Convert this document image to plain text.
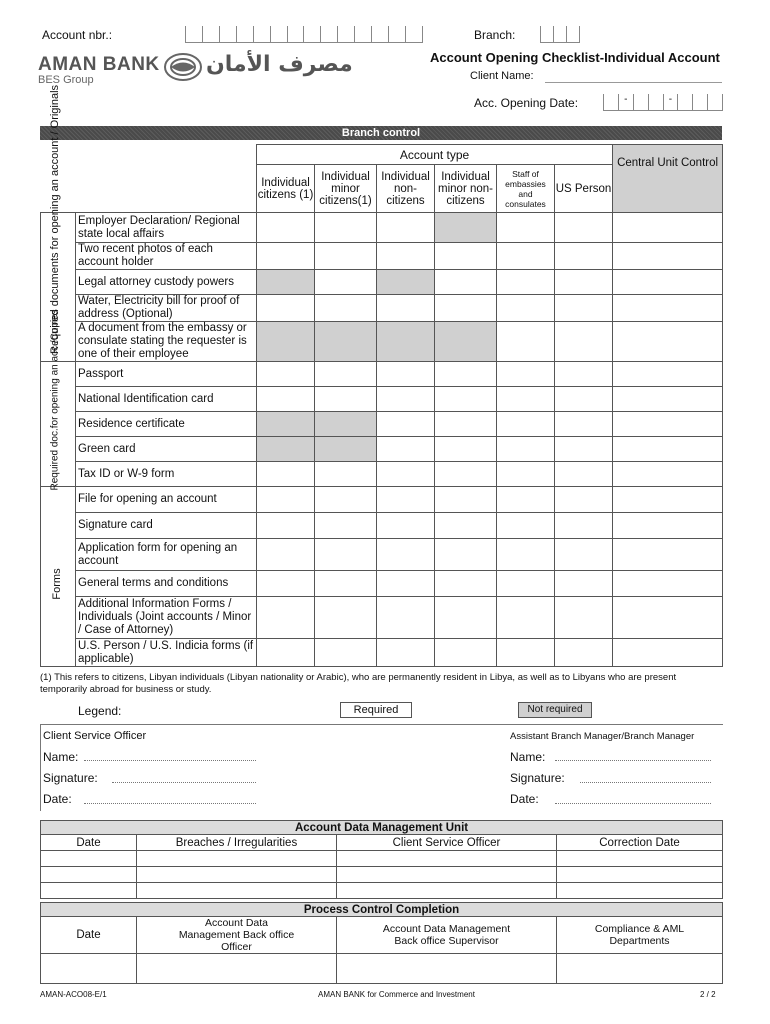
Account nbr.:	Branch:
AMAN BANK
BES Group
مصرف الأمان	Account Opening Checklist-Individual Account
Client Name:
Acc. Opening Date:	-	-
Branch control
		Account type						Central Unit Control
		Individual citizens (1)	Individual minor citizens(1)	Individual non-citizens	Individual minor non-citizens	Staff of embassies and consulates	US Person	
	Employer Declaration/ Regional state local affairs							
	Two recent photos of each account holder							
	Legal attorney custody powers							
	Water, Electricity bill for proof of address (Optional)							
	A document from the embassy or consulate stating the requester is one of their employee							
	Passport							
	National Identification card							
	Residence certificate							
	Green card							
	Tax ID or W-9 form							
	File for opening an account							
	Signature card							
	Application form for opening an account							
	General terms and conditions							
	Additional Information Forms / Individuals (Joint accounts / Minor / Case of Attorney)							
	U.S. Person / U.S. Indicia forms (if applicable)							
Required documents for opening an account / Originals
Required doc.for opening an acc./Copies
Forms
(1) This refers to citizens, Libyan individuals (Libyan nationality or Arabic), who are permanently resident in Libya, as well as to Libyans who are present temporarily abroad for business or study.
Legend:	Required	Not required
Client Service Officer
Name:
Signature:
Date:
Assistant Branch Manager/Branch Manager
Name:
Signature:
Date:
Account Data Management Unit			
Date	Breaches / Irregularities	Client Service Officer	Correction Date

Process Control Completion			
Date	Account Data Management Back office Officer	Account Data Management Back office Supervisor	Compliance & AML Departments

AMAN-ACO08-E/1	AMAN BANK for Commerce and Investment	2 / 2
